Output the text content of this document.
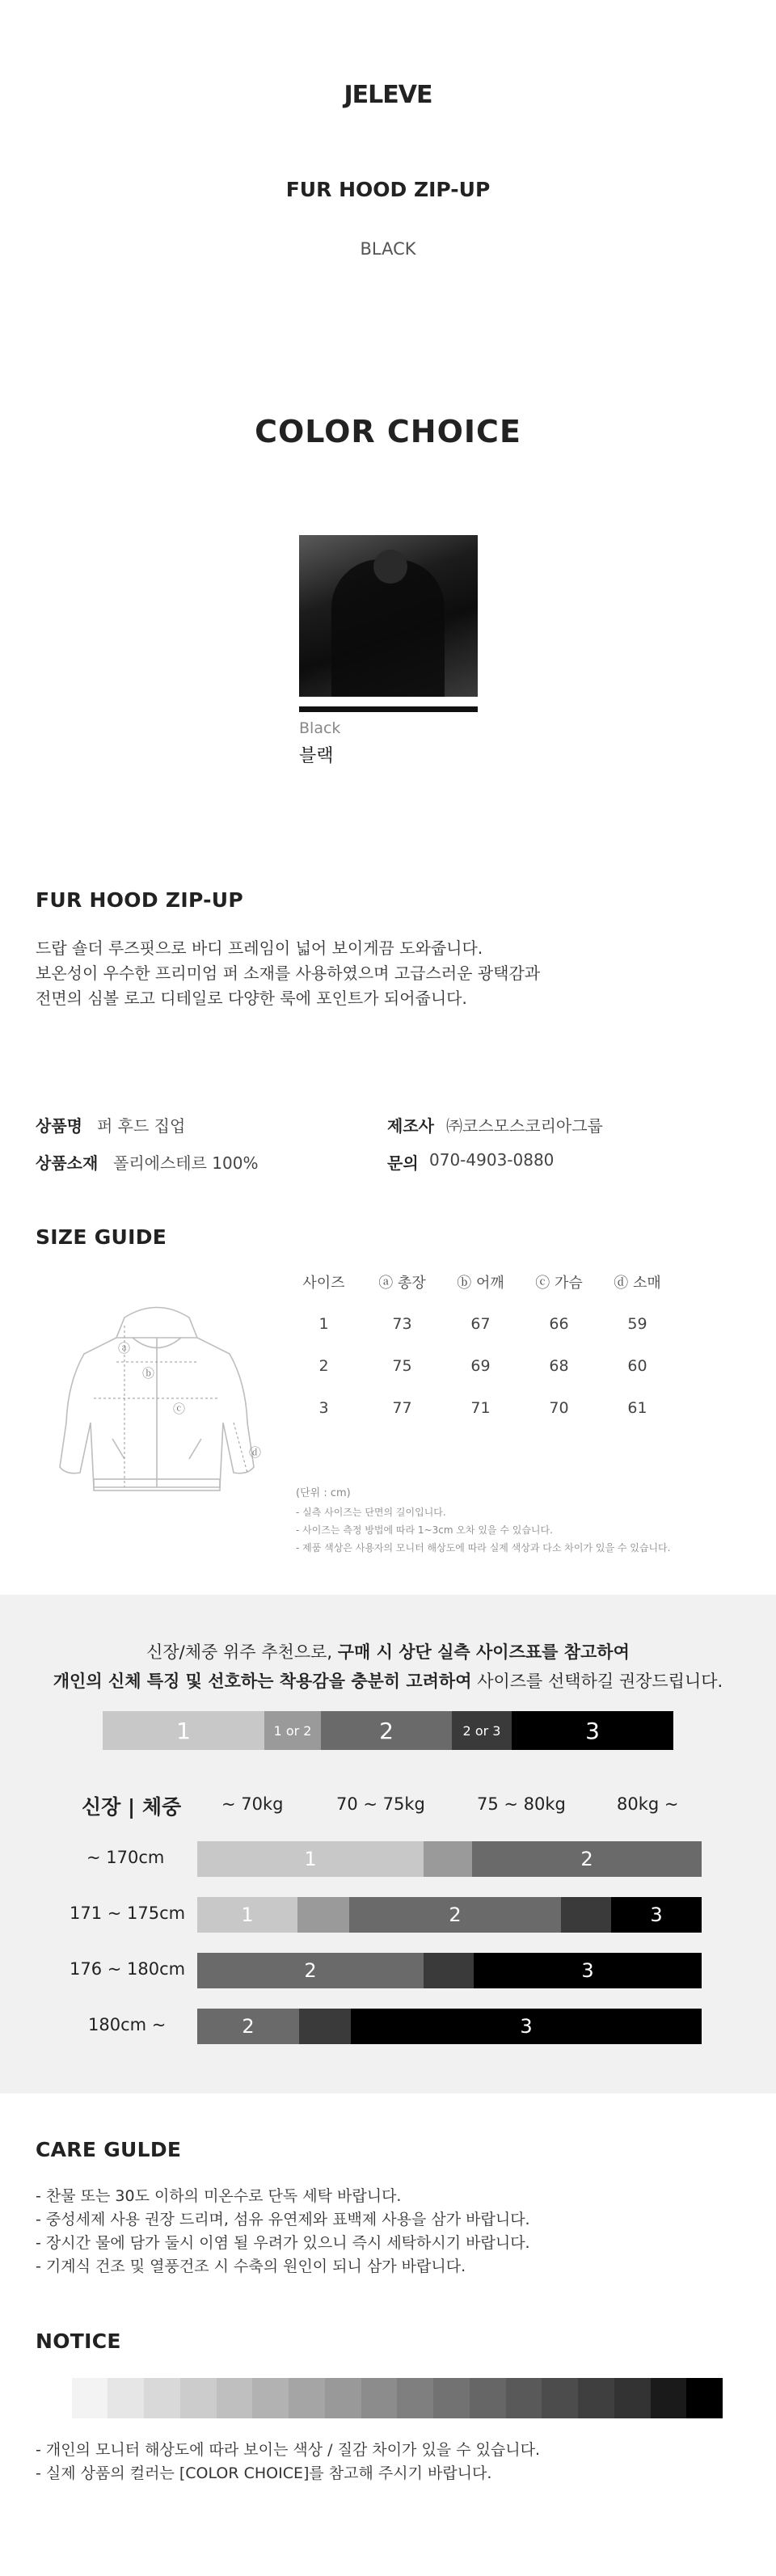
JELEVE
FUR HOOD ZIP-UP
BLACK
COLOR CHOICE
Black
블랙
FUR HOOD ZIP-UP
드랍 숄더 루즈핏으로 바디 프레임이 넓어 보이게끔 도와줍니다.
보온성이 우수한 프리미엄 퍼 소재를 사용하였으며 고급스러운 광택감과
전면의 심볼 로고 디테일로 다양한 룩에 포인트가 되어줍니다.
상품명 퍼 후드 집업
상품소재 폴리에스테르 100%
제조사 ㈜코스모스코리아그룹
문의 070-4903-0880
SIZE GUIDE
ⓐ
ⓑ
ⓒ
ⓓ
사이즈	ⓐ 총장	ⓑ 어깨	ⓒ 가슴	ⓓ 소매
1	73	67	66	59
2	75	69	68	60
3	77	71	70	61
(단위 : cm)
- 실측 사이즈는 단면의 길이입니다.
- 사이즈는 측정 방법에 따라 1~3cm 오차 있을 수 있습니다.
- 제품 색상은 사용자의 모니터 해상도에 따라 실제 색상과 다소 차이가 있을 수 있습니다.
신장/체중 위주 추천으로, 구매 시 상단 실측 사이즈표를 참고하여
개인의 신체 특징 및 선호하는 착용감을 충분히 고려하여 사이즈를 선택하길 권장드립니다.
1	1 or 2	2	2 or 3	3
신장 | 체중 ~ 70kg	70 ~ 75kg	75 ~ 80kg	80kg ~
~ 170cm	1	2
171 ~ 175cm	1	2	3
176 ~ 180cm	2	3
180cm ~	2	3
CARE GULDE
- 찬물 또는 30도 이하의 미온수로 단독 세탁 바랍니다.
- 중성세제 사용 권장 드리며, 섬유 유연제와 표백제 사용을 삼가 바랍니다.
- 장시간 물에 담가 둘시 이염 될 우려가 있으니 즉시 세탁하시기 바랍니다.
- 기계식 건조 및 열풍건조 시 수축의 원인이 되니 삼가 바랍니다.
NOTICE
- 개인의 모니터 해상도에 따라 보이는 색상 / 질감 차이가 있을 수 있습니다.
- 실제 상품의 컬러는 [COLOR CHOICE]를 참고해 주시기 바랍니다.
